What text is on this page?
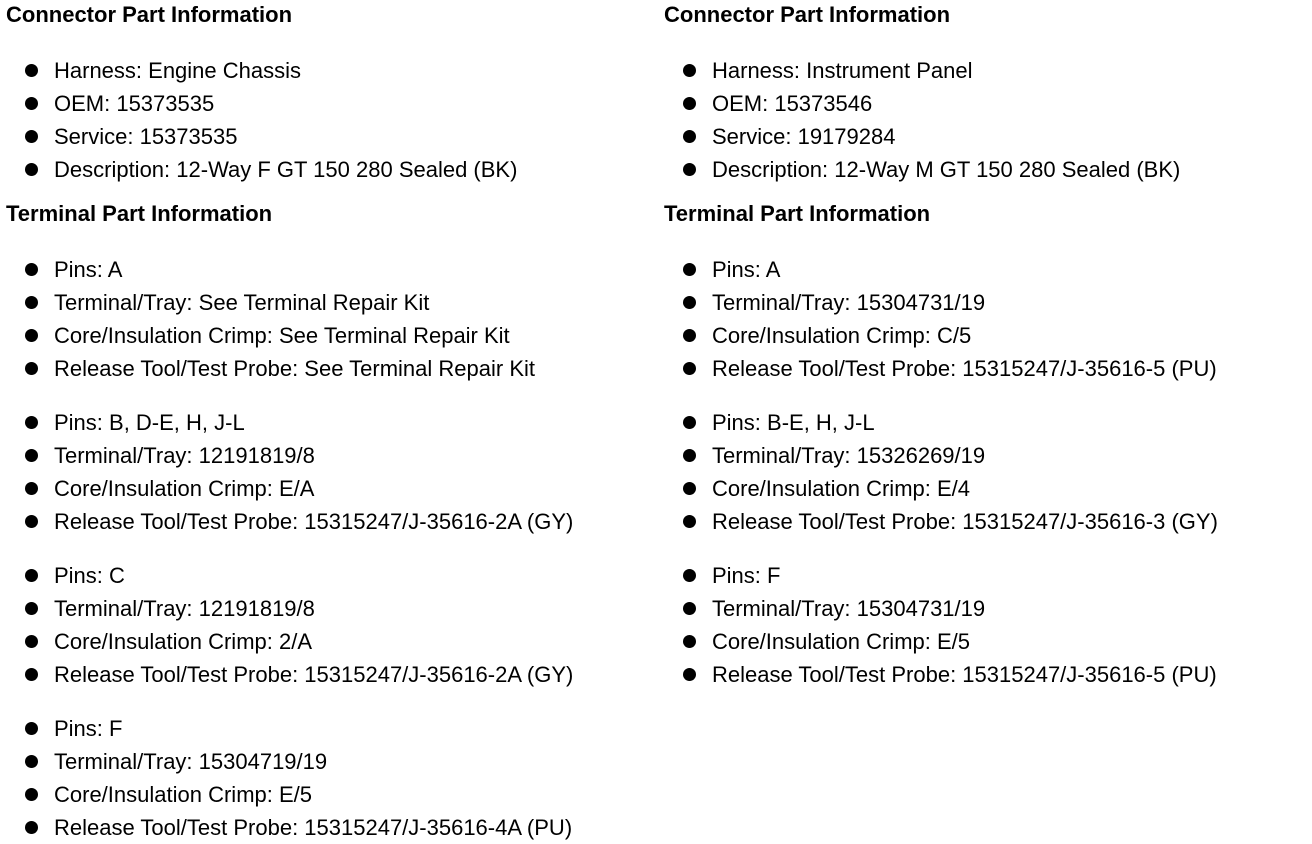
Connector Part Information
Harness: Engine Chassis
OEM: 15373535
Service: 15373535
Description: 12-Way F GT 150 280 Sealed (BK)
Terminal Part Information
Pins: A
Terminal/Tray: See Terminal Repair Kit
Core/Insulation Crimp: See Terminal Repair Kit
Release Tool/Test Probe: See Terminal Repair Kit
Pins: B, D-E, H, J-L
Terminal/Tray: 12191819/8
Core/Insulation Crimp: E/A
Release Tool/Test Probe: 15315247/J-35616-2A (GY)
Pins: C
Terminal/Tray: 12191819/8
Core/Insulation Crimp: 2/A
Release Tool/Test Probe: 15315247/J-35616-2A (GY)
Pins: F
Terminal/Tray: 15304719/19
Core/Insulation Crimp: E/5
Release Tool/Test Probe: 15315247/J-35616-4A (PU)
Connector Part Information
Harness: Instrument Panel
OEM: 15373546
Service: 19179284
Description: 12-Way M GT 150 280 Sealed (BK)
Terminal Part Information
Pins: A
Terminal/Tray: 15304731/19
Core/Insulation Crimp: C/5
Release Tool/Test Probe: 15315247/J-35616-5 (PU)
Pins: B-E, H, J-L
Terminal/Tray: 15326269/19
Core/Insulation Crimp: E/4
Release Tool/Test Probe: 15315247/J-35616-3 (GY)
Pins: F
Terminal/Tray: 15304731/19
Core/Insulation Crimp: E/5
Release Tool/Test Probe: 15315247/J-35616-5 (PU)
